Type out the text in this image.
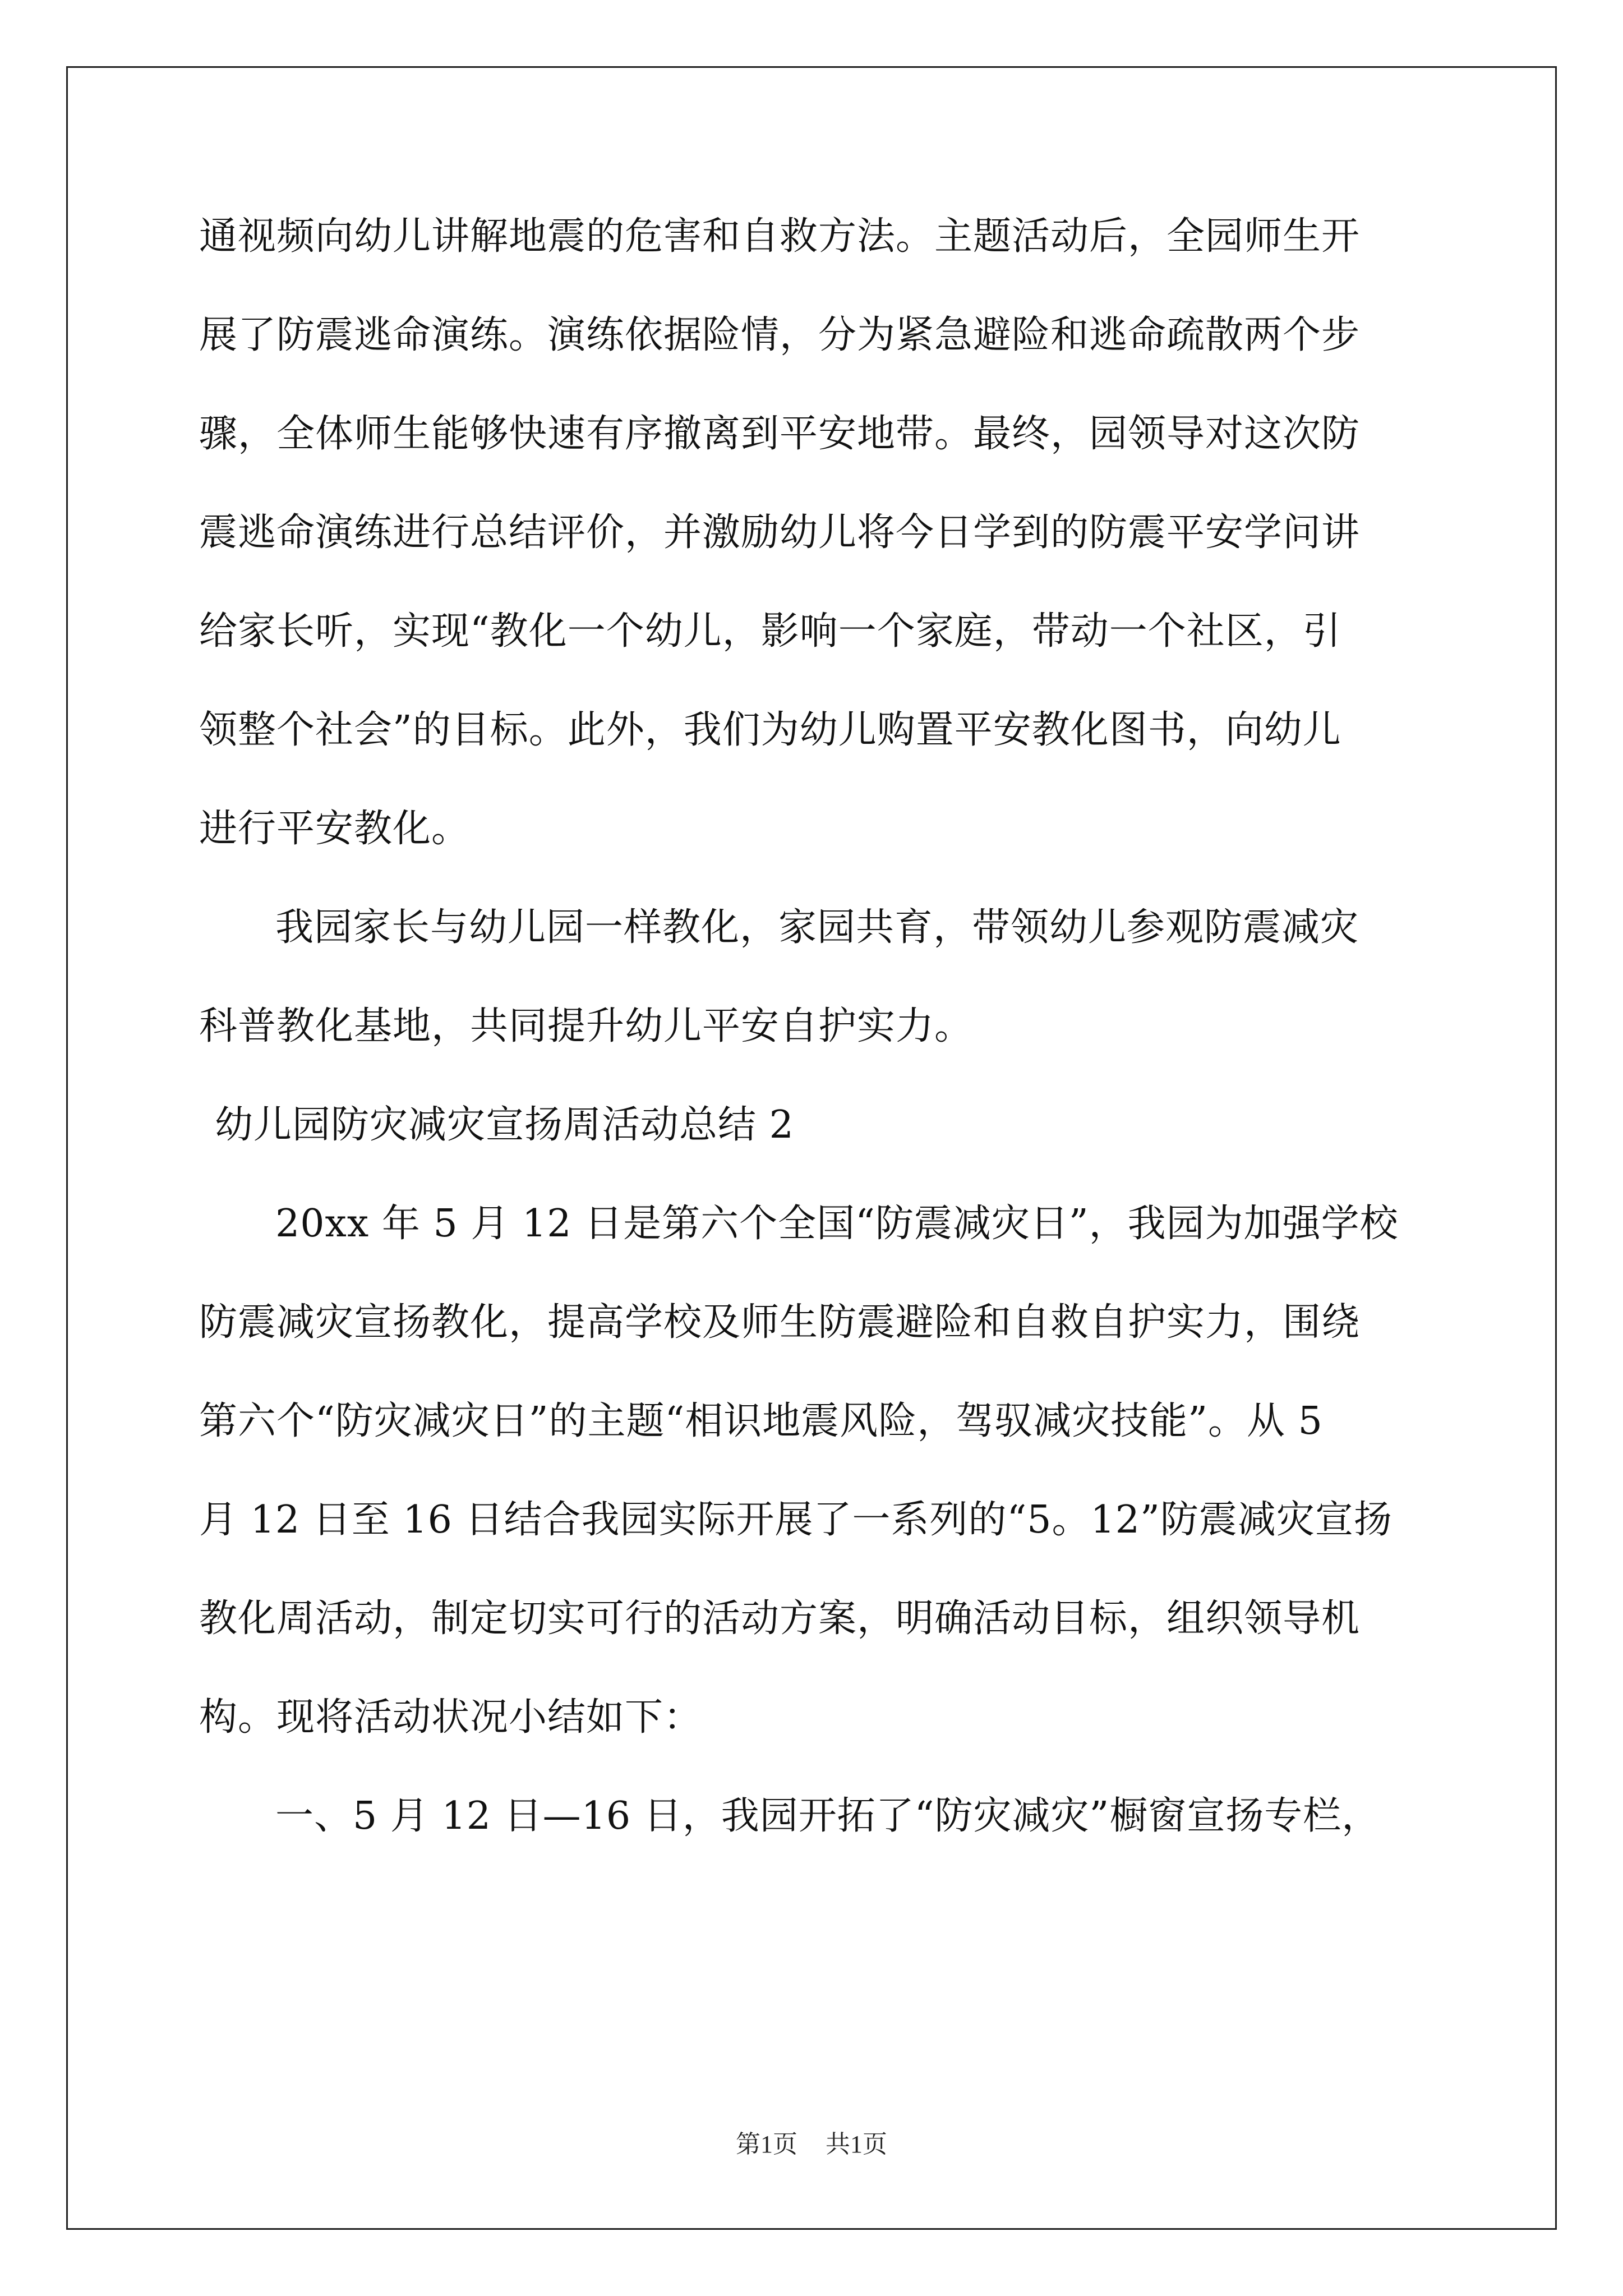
通视频向幼儿讲解地震的危害和自救方法。主题活动后，全园师生开
展了防震逃命演练。演练依据险情，分为紧急避险和逃命疏散两个步
骤，全体师生能够快速有序撤离到平安地带。最终，园领导对这次防
震逃命演练进行总结评价，并激励幼儿将今日学到的防震平安学问讲
给家长听，实现“教化一个幼儿，影响一个家庭，带动一个社区，引
领整个社会”的目标。此外，我们为幼儿购置平安教化图书，向幼儿
进行平安教化。
我园家长与幼儿园一样教化，家园共育，带领幼儿参观防震减灾
科普教化基地，共同提升幼儿平安自护实力。
幼儿园防灾减灾宣扬周活动总结 2
20xx 年 5 月 12 日是第六个全国“防震减灾日”，我园为加强学校
防震减灾宣扬教化，提高学校及师生防震避险和自救自护实力，围绕
第六个“防灾减灾日”的主题“相识地震风险，驾驭减灾技能”。从 5
月 12 日至 16 日结合我园实际开展了一系列的“5。12”防震减灾宣扬
教化周活动，制定切实可行的活动方案，明确活动目标，组织领导机
构。现将活动状况小结如下：
一、5 月 12 日—16 日，我园开拓了“防灾减灾”橱窗宣扬专栏，
第1页 共1页
